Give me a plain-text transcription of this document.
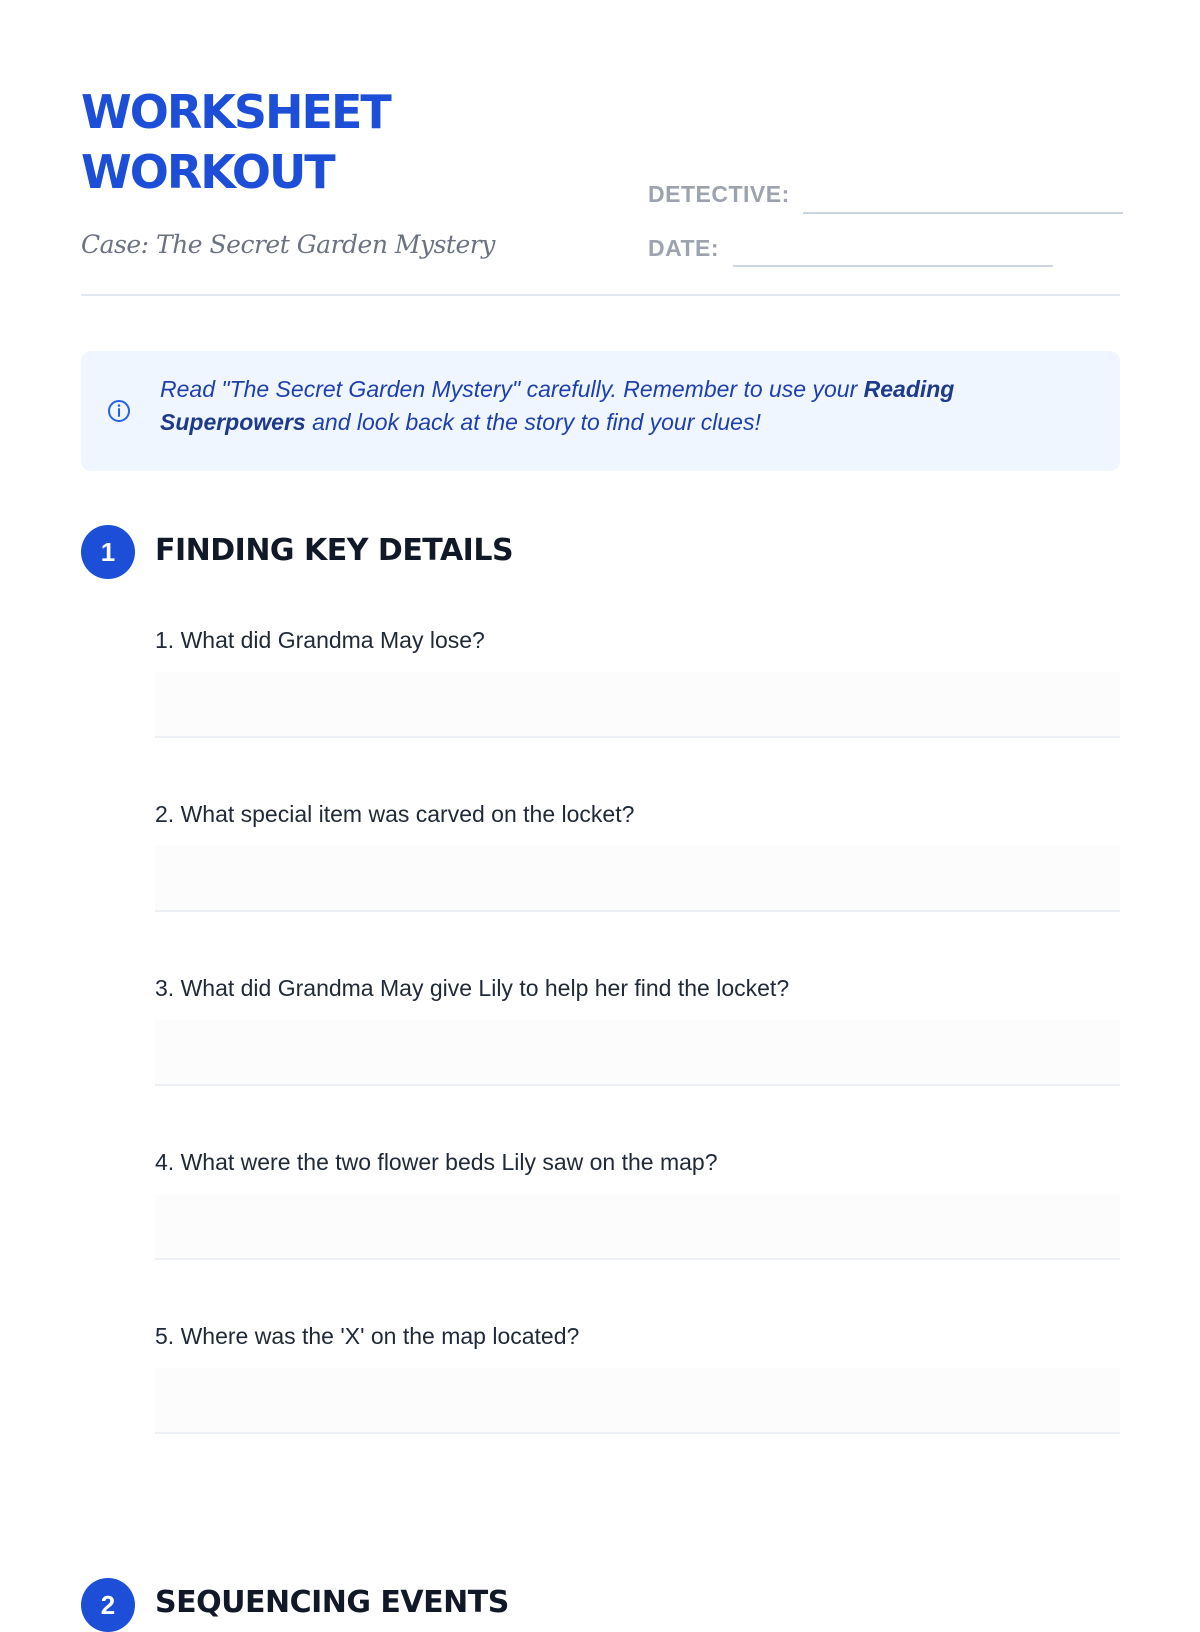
WORKSHEET
WORKOUT
Case: The Secret Garden Mystery
DETECTIVE:
DATE:
Read "The Secret Garden Mystery" carefully. Remember to use your Reading Superpowers and look back at the story to find your clues!
1	FINDING KEY DETAILS
1. What did Grandma May lose?
2. What special item was carved on the locket?
3. What did Grandma May give Lily to help her find the locket?
4. What were the two flower beds Lily saw on the map?
5. Where was the 'X' on the map located?
2	SEQUENCING EVENTS
